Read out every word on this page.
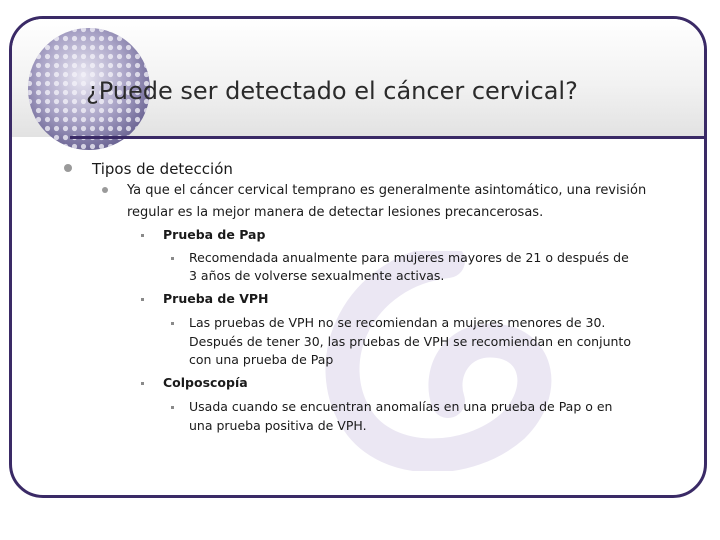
¿Puede ser detectado el cáncer cervical?
Tipos de detección
Ya que el cáncer cervical temprano es generalmente asintomático, una revisión
regular es la mejor manera de detectar lesiones precancerosas.
Prueba de Pap
Recomendada anualmente para mujeres mayores de 21 o después de
3 años de volverse sexualmente activas.
Prueba de VPH
Las pruebas de VPH no se recomiendan a mujeres menores de 30.
Después de tener 30, las pruebas de VPH se recomiendan en conjunto
con una prueba de Pap
Colposcopía
Usada cuando se encuentran anomalías en una prueba de Pap o en
una prueba positiva de VPH.
